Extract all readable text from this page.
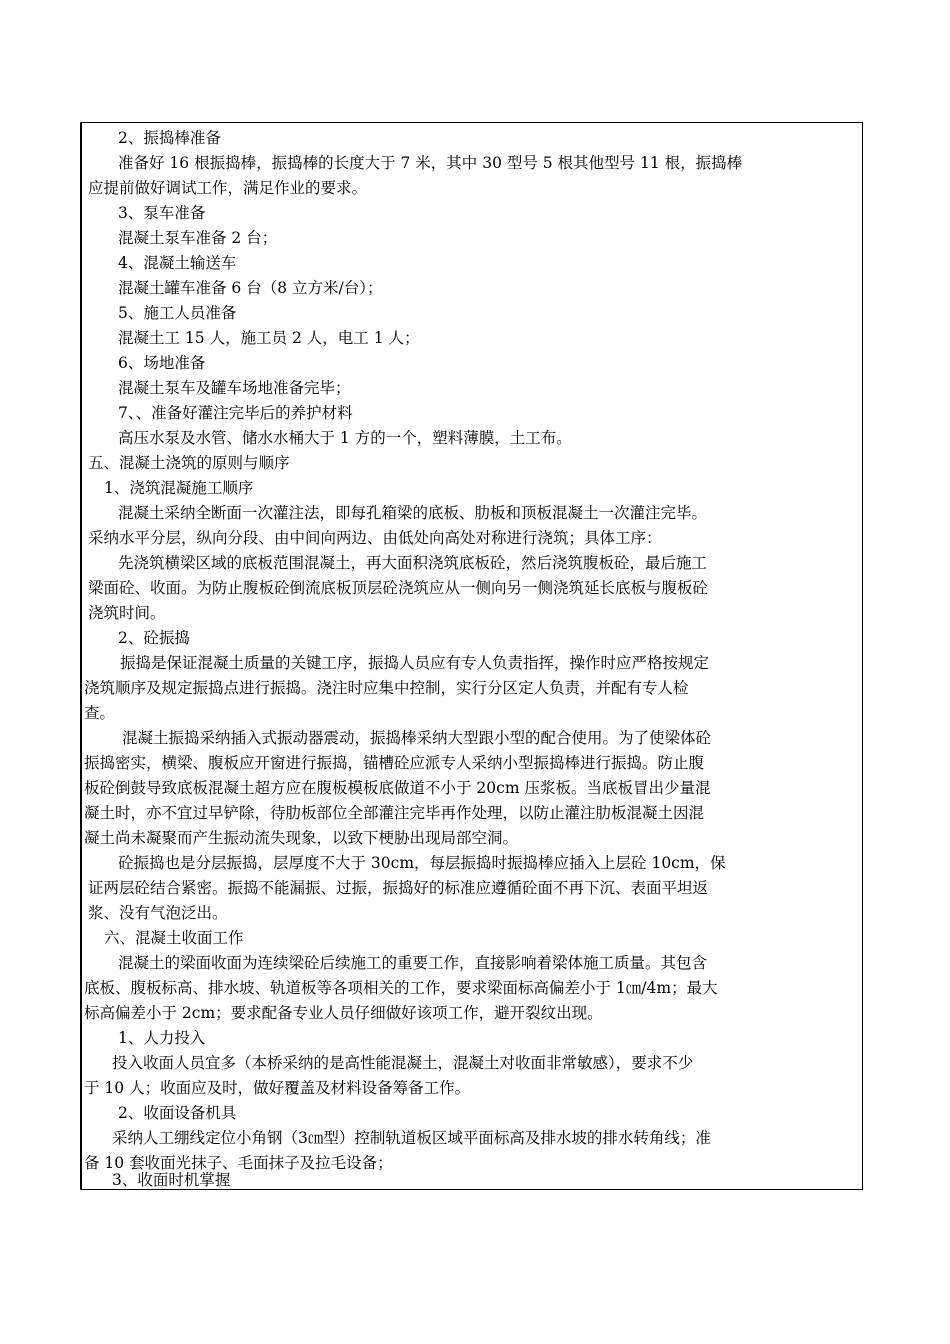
2、振捣棒准备
准备好 16 根振捣棒，振捣棒的长度大于 7 米，其中 30 型号 5 根其他型号 11 根，振捣棒
应提前做好调试工作，满足作业的要求。
3、泵车准备
混凝土泵车准备 2 台；
4、混凝土输送车
混凝土罐车准备 6 台（8 立方米/台）；
5、施工人员准备
混凝土工 15 人，施工员 2 人，电工 1 人；
6、场地准备
混凝土泵车及罐车场地准备完毕；
7、、准备好灌注完毕后的养护材料
高压水泵及水管、储水水桶大于 1 方的一个，塑料薄膜，土工布。
五、混凝土浇筑的原则与顺序
1、浇筑混凝施工顺序
混凝土采纳全断面一次灌注法，即每孔箱梁的底板、肋板和顶板混凝土一次灌注完毕。
采纳水平分层，纵向分段、由中间向两边、由低处向高处对称进行浇筑；具体工序：
先浇筑横梁区域的底板范围混凝土，再大面积浇筑底板砼，然后浇筑腹板砼，最后施工
梁面砼、收面。为防止腹板砼倒流底板顶层砼浇筑应从一侧向另一侧浇筑延长底板与腹板砼
浇筑时间。
2、砼振捣
振捣是保证混凝土质量的关键工序，振捣人员应有专人负责指挥，操作时应严格按规定
浇筑顺序及规定振捣点进行振捣。浇注时应集中控制，实行分区定人负责，并配有专人检
查。
混凝土振捣采纳插入式振动器震动，振捣棒采纳大型跟小型的配合使用。为了使梁体砼
振捣密实，横梁、腹板应开窗进行振捣，锚槽砼应派专人采纳小型振捣棒进行振捣。防止腹
板砼倒鼓导致底板混凝土超方应在腹板模板底做道不小于 20cm 压浆板。当底板冒出少量混
凝土时，亦不宜过早铲除，待肋板部位全部灌注完毕再作处理，以防止灌注肋板混凝土因混
凝土尚未凝聚而产生振动流失现象，以致下梗胁出现局部空洞。
砼振捣也是分层振捣，层厚度不大于 30cm，每层振捣时振捣棒应插入上层砼 10cm，保
证两层砼结合紧密。振捣不能漏振、过振，振捣好的标准应遵循砼面不再下沉、表面平坦返
浆、没有气泡泛出。
六、混凝土收面工作
混凝土的梁面收面为连续梁砼后续施工的重要工作，直接影响着梁体施工质量。其包含
底板、腹板标高、排水坡、轨道板等各项相关的工作，要求梁面标高偏差小于 1㎝/4m；最大
标高偏差小于 2cm；要求配备专业人员仔细做好该项工作，避开裂纹出现。
1、人力投入
投入收面人员宜多（本桥采纳的是高性能混凝土，混凝土对收面非常敏感），要求不少
于 10 人；收面应及时，做好覆盖及材料设备筹备工作。
2、收面设备机具
采纳人工绷线定位小角钢（3㎝型）控制轨道板区域平面标高及排水坡的排水转角线；准
备 10 套收面光抹子、毛面抹子及拉毛设备；
3、收面时机掌握
